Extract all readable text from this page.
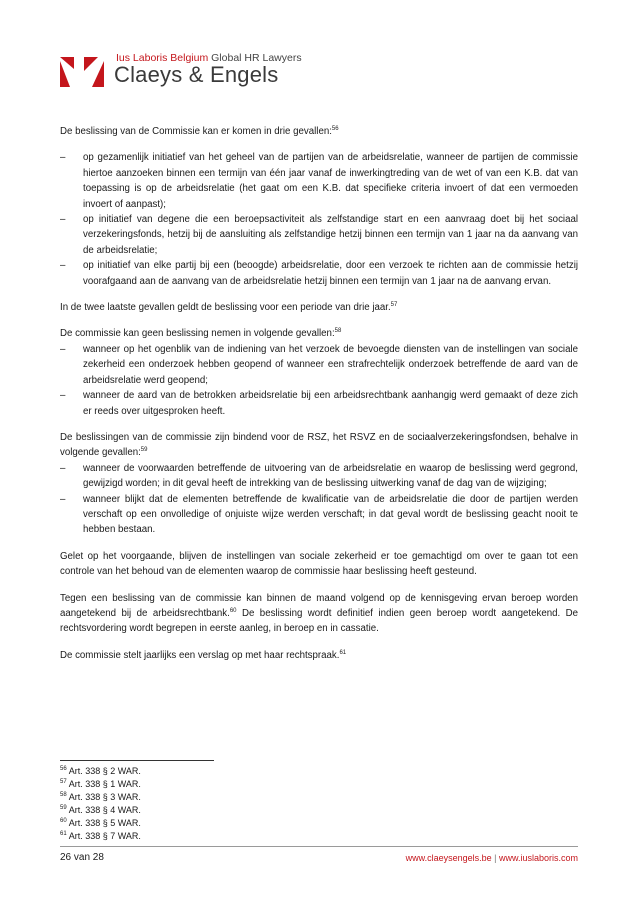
Ius Laboris Belgium Global HR Lawyers
Claeys & Engels

De beslissing van de Commissie kan er komen in drie gevallen:$^{56}$

– op gezamenlijk initiatief van het geheel van de partijen van de arbeidsrelatie, wanneer de partijen de commissie hiertoe aanzoeken binnen een termijn van één jaar vanaf de inwerkingtreding van de wet of van een K.B. dat van toepassing is op de arbeidsrelatie (het gaat om een K.B. dat specifieke criteria invoert of dat een vermoeden invoert of aanpast);
– op initiatief van degene die een beroepsactiviteit als zelfstandige start en een aanvraag doet bij het sociaal verzekeringsfonds, hetzij bij de aansluiting als zelfstandige hetzij binnen een termijn van 1 jaar na da aanvang van de arbeidsrelatie;
– op initiatief van elke partij bij een (beoogde) arbeidsrelatie, door een verzoek te richten aan de commissie hetzij voorafgaand aan de aanvang van de arbeidsrelatie hetzij binnen een termijn van 1 jaar na de aanvang ervan.

In de twee laatste gevallen geldt de beslissing voor een periode van drie jaar.$^{57}$

De commissie kan geen beslissing nemen in volgende gevallen:$^{58}$

– wanneer op het ogenblik van de indiening van het verzoek de bevoegde diensten van de instellingen van sociale zekerheid een onderzoek hebben geopend of wanneer een strafrechtelijk onderzoek betreffende de aard van de arbeidsrelatie werd geopend;
– wanneer de aard van de betrokken arbeidsrelatie bij een arbeidsrechtbank aanhangig werd gemaakt of deze zich er reeds over uitgesproken heeft.

De beslissingen van de commissie zijn bindend voor de RSZ, het RSVZ en de sociaalverzekeringsfondsen, behalve in volgende gevallen:$^{59}$

– wanneer de voorwaarden betreffende de uitvoering van de arbeidsrelatie en waarop de beslissing werd gegrond, gewijzigd worden; in dit geval heeft de intrekking van de beslissing uitwerking vanaf de dag van de wijziging;
– wanneer blijkt dat de elementen betreffende de kwalificatie van de arbeidsrelatie die door de partijen werden verschaft op een onvolledige of onjuiste wijze werden verschaft; in dat geval wordt de beslissing geacht nooit te hebben bestaan.

Gelet op het voorgaande, blijven de instellingen van sociale zekerheid er toe gemachtigd om over te gaan tot een controle van het behoud van de elementen waarop de commissie haar beslissing heeft gesteund.

Tegen een beslissing van de commissie kan binnen de maand volgend op de kennisgeving ervan beroep worden aangetekend bij de arbeidsrechtbank.$^{60}$ De beslissing wordt definitief indien geen beroep wordt aangetekend. De rechtsvordering wordt begrepen in eerste aanleg, in beroep en in cassatie.

De commissie stelt jaarlijks een verslag op met haar rechtspraak.$^{61}$

$^{56}$ Art. 338 § 2 WAR.
$^{57}$ Art. 338 § 1 WAR.
$^{58}$ Art. 338 § 3 WAR.
$^{59}$ Art. 338 § 4 WAR.
$^{60}$ Art. 338 § 5 WAR.
$^{61}$ Art. 338 § 7 WAR.
26 van 28	www.claeysengels.be | www.iuslaboris.com
